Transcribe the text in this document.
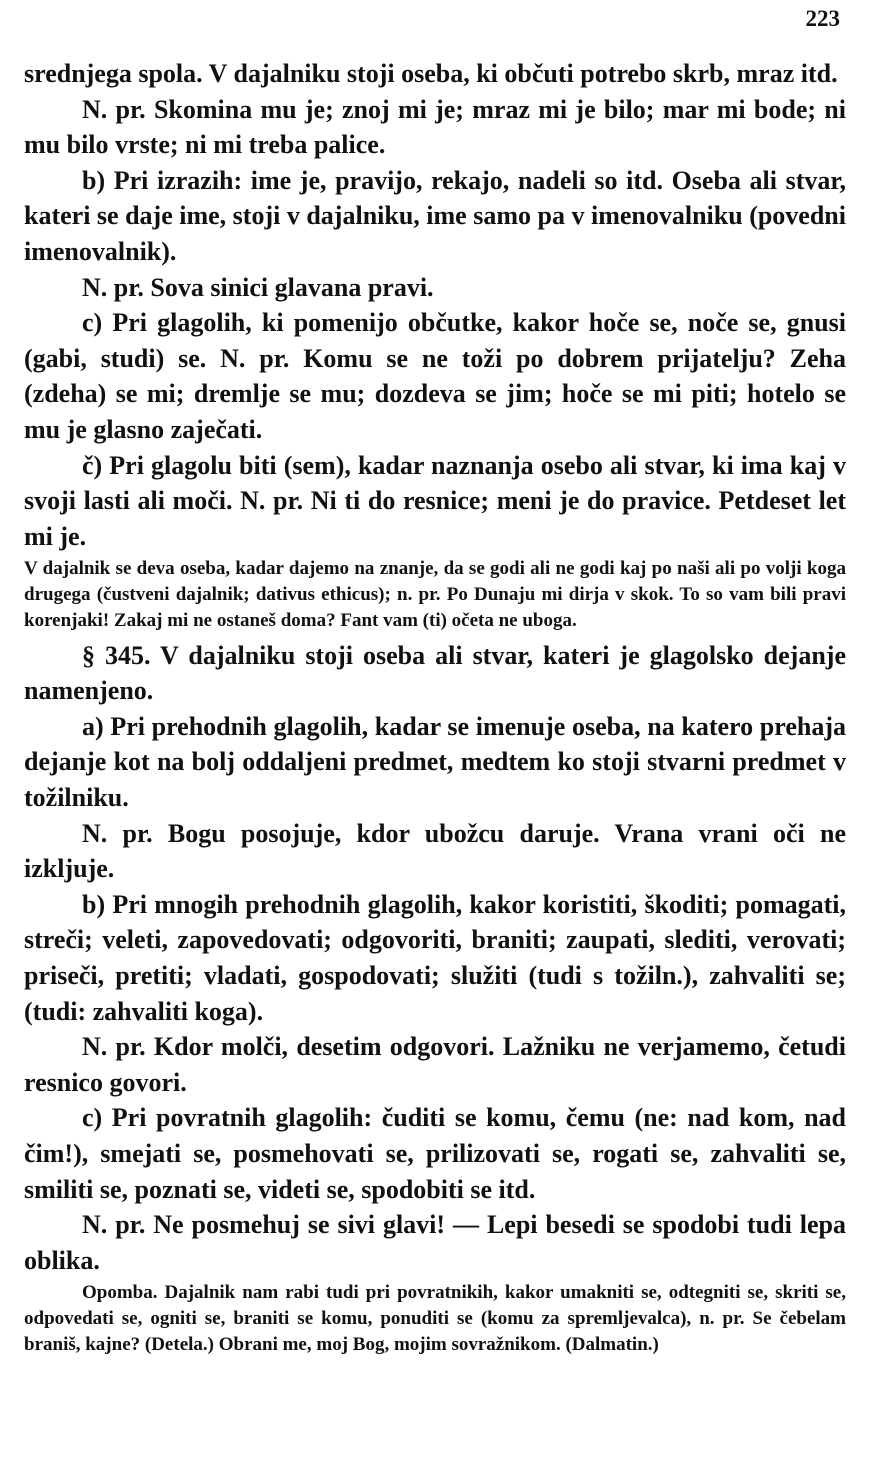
223

srednjega spola. V dajalniku stoji oseba, ki občuti potrebo skrb, mraz itd.

N. pr. Skomina mu je; znoj mi je; mraz mi je bilo; mar mi bode; ni mu bilo vrste; ni mi treba palice.

b) Pri izrazih: ime je, pravijo, rekajo, nadeli so itd. Oseba ali stvar, kateri se daje ime, stoji v dajalniku, ime samo pa v imenovalniku (povedni imenovalnik).

N. pr. Sova sinici glavana pravi.

c) Pri glagolih, ki pomenijo občutke, kakor hoče se, noče se, gnusi (gabi, studi) se. N. pr. Komu se ne toži po dobrem prijatelju? Zeha (zdeha) se mi; dremlje se mu; dozdeva se jim; hoče se mi piti; hotelo se mu je glasno zaječati.

č) Pri glagolu biti (sem), kadar naznanja osebo ali stvar, ki ima kaj v svoji lasti ali moči. N. pr. Ni ti do resnice; meni je do pravice. Petdeset let mi je.

V dajalnik se deva oseba, kadar dajemo na znanje, da se godi ali ne godi kaj po naši ali po volji koga drugega (čustveni dajalnik; dativus ethicus); n. pr. Po Dunaju mi dirja v skok. To so vam bili pravi korenjaki! Zakaj mi ne ostaneš doma? Fant vam (ti) očeta ne uboga.

§ 345. V dajalniku stoji oseba ali stvar, kateri je glagolsko dejanje namenjeno.

a) Pri prehodnih glagolih, kadar se imenuje oseba, na katero prehaja dejanje kot na bolj oddaljeni predmet, medtem ko stoji stvarni predmet v tožilniku.

N. pr. Bogu posojuje, kdor ubožcu daruje. Vrana vrani oči ne izkljuje.

b) Pri mnogih prehodnih glagolih, kakor koristiti, škoditi; pomagati, streči; veleti, zapovedovati; odgovoriti, braniti; zaupati, slediti, verovati; priseči, pretiti; vladati, gospodovati; služiti (tudi s tožiln.), zahvaliti se; (tudi: zahvaliti koga).

N. pr. Kdor molči, desetim odgovori. Lažniku ne verjamemo, četudi resnico govori.

c) Pri povratnih glagolih: čuditi se komu, čemu (ne: nad kom, nad čim!), smejati se, posmehovati se, prilizovati se, rogati se, zahvaliti se, smiliti se, poznati se, videti se, spodobiti se itd.

N. pr. Ne posmehuj se sivi glavi! — Lepi besedi se spodobi tudi lepa oblika.

Opomba. Dajalnik nam rabi tudi pri povratnikih, kakor umakniti se, odtegniti se, skriti se, odpovedati se, ogniti se, braniti se komu, ponuditi se (komu za spremljevalca), n. pr. Se čebelam braniš, kajne? (Detela.) Obrani me, moj Bog, mojim sovražnikom. (Dalmatin.)
